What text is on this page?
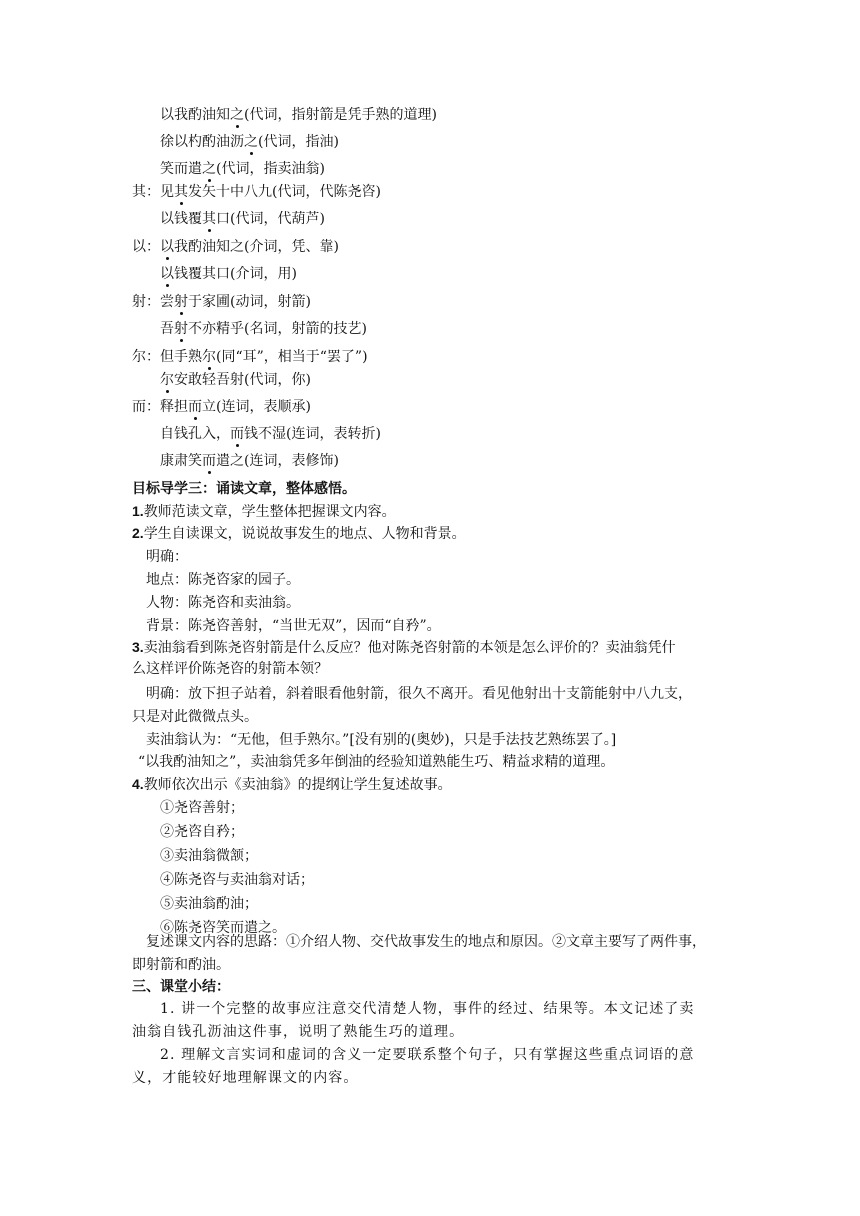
以我酌油知之(代词，指射箭是凭手熟的道理)
徐以杓酌油沥之(代词，指油)
笑而遣之(代词，指卖油翁)
其：见其发矢十中八九(代词，代陈尧咨)
以钱覆其口(代词，代葫芦)
以：以我酌油知之(介词，凭、靠)
以钱覆其口(介词，用)
射：尝射于家圃(动词，射箭)
吾射不亦精乎(名词，射箭的技艺)
尔：但手熟尔(同“耳”，相当于“罢了”)
尔安敢轻吾射(代词，你)
而：释担而立(连词，表顺承)
自钱孔入，而钱不湿(连词，表转折)
康肃笑而遣之(连词，表修饰)
目标导学三：诵读文章，整体感悟。
1.教师范读文章，学生整体把握课文内容。
2.学生自读课文，说说故事发生的地点、人物和背景。
明确：
地点：陈尧咨家的园子。
人物：陈尧咨和卖油翁。
背景：陈尧咨善射，“当世无双”，因而“自矜”。
3.卖油翁看到陈尧咨射箭是什么反应？他对陈尧咨射箭的本领是怎么评价的？卖油翁凭什
么这样评价陈尧咨的射箭本领？
明确：放下担子站着，斜着眼看他射箭，很久不离开。看见他射出十支箭能射中八九支，
只是对此微微点头。
卖油翁认为：“无他，但手熟尔。”[没有别的(奥妙)，只是手法技艺熟练罢了。]
“以我酌油知之”，卖油翁凭多年倒油的经验知道熟能生巧、精益求精的道理。
4.教师依次出示《卖油翁》的提纲让学生复述故事。
①尧咨善射；
②尧咨自矜；
③卖油翁微颔；
④陈尧咨与卖油翁对话；
⑤卖油翁酌油；
⑥陈尧咨笑而遣之。
复述课文内容的思路：①介绍人物、交代故事发生的地点和原因。②文章主要写了两件事，
即射箭和酌油。
三、课堂小结：
1. 讲一个完整的故事应注意交代清楚人物，事件的经过、结果等。本文记述了卖
油翁自钱孔沥油这件事，说明了熟能生巧的道理。
2. 理解文言实词和虚词的含义一定要联系整个句子，只有掌握这些重点词语的意
义，才能较好地理解课文的内容。
